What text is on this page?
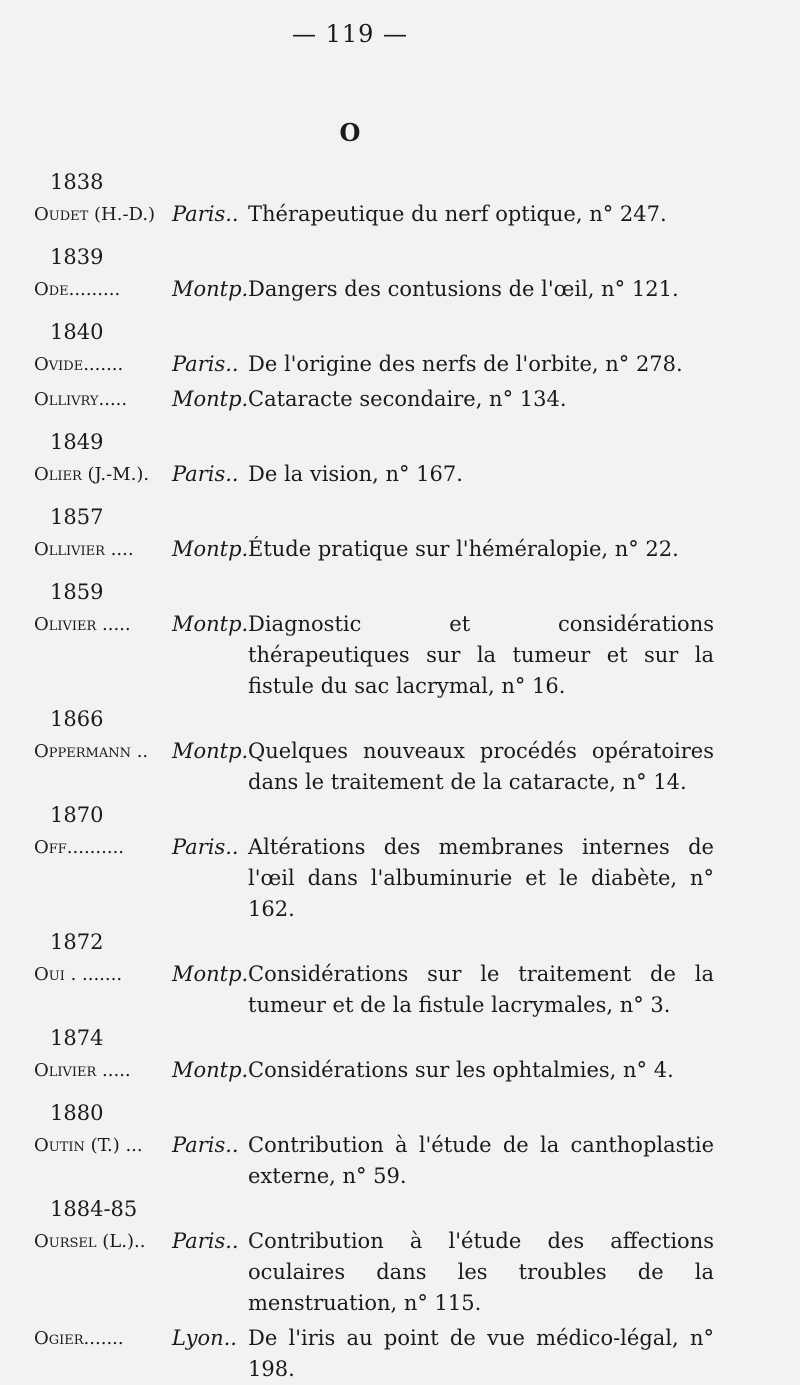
— 119 —
O
1838
Oudet (H.-D.) Paris.. Thérapeutique du nerf optique, n° 247.
1839
Ode.........	Montp. Dangers des contusions de l'œil, n° 121.
1840
Ovide.......	Paris.. De l'origine des nerfs de l'orbite, n° 278.
Ollivry.....	Montp. Cataracte secondaire, n° 134.
1849
Olier (J.-M.).	Paris.. De la vision, n° 167.
1857
Ollivier ....	Montp. Étude pratique sur l'héméralopie, n° 22.
1859
Olivier .....	Montp. Diagnostic et considérations thérapeutiques sur la tumeur et sur la fistule du sac lacrymal, n° 16.
1866
Oppermann ..	Montp. Quelques nouveaux procédés opératoires dans le traitement de la cataracte, n° 14.
1870
Off..........	Paris.. Altérations des membranes internes de l'œil dans l'albuminurie et le diabète, n° 162.
1872
Oui . .......	Montp. Considérations sur le traitement de la tumeur et de la fistule lacrymales, n° 3.
1874
Olivier .....	Montp. Considérations sur les ophtalmies, n° 4.
1880
Outin (T.) ...	Paris.. Contribution à l'étude de la canthoplastie externe, n° 59.
1884-85
Oursel (L.)..	Paris.. Contribution à l'étude des affections oculaires dans les troubles de la menstruation, n° 115.
Ogier.......	Lyon.. De l'iris au point de vue médico-légal, n° 198.
